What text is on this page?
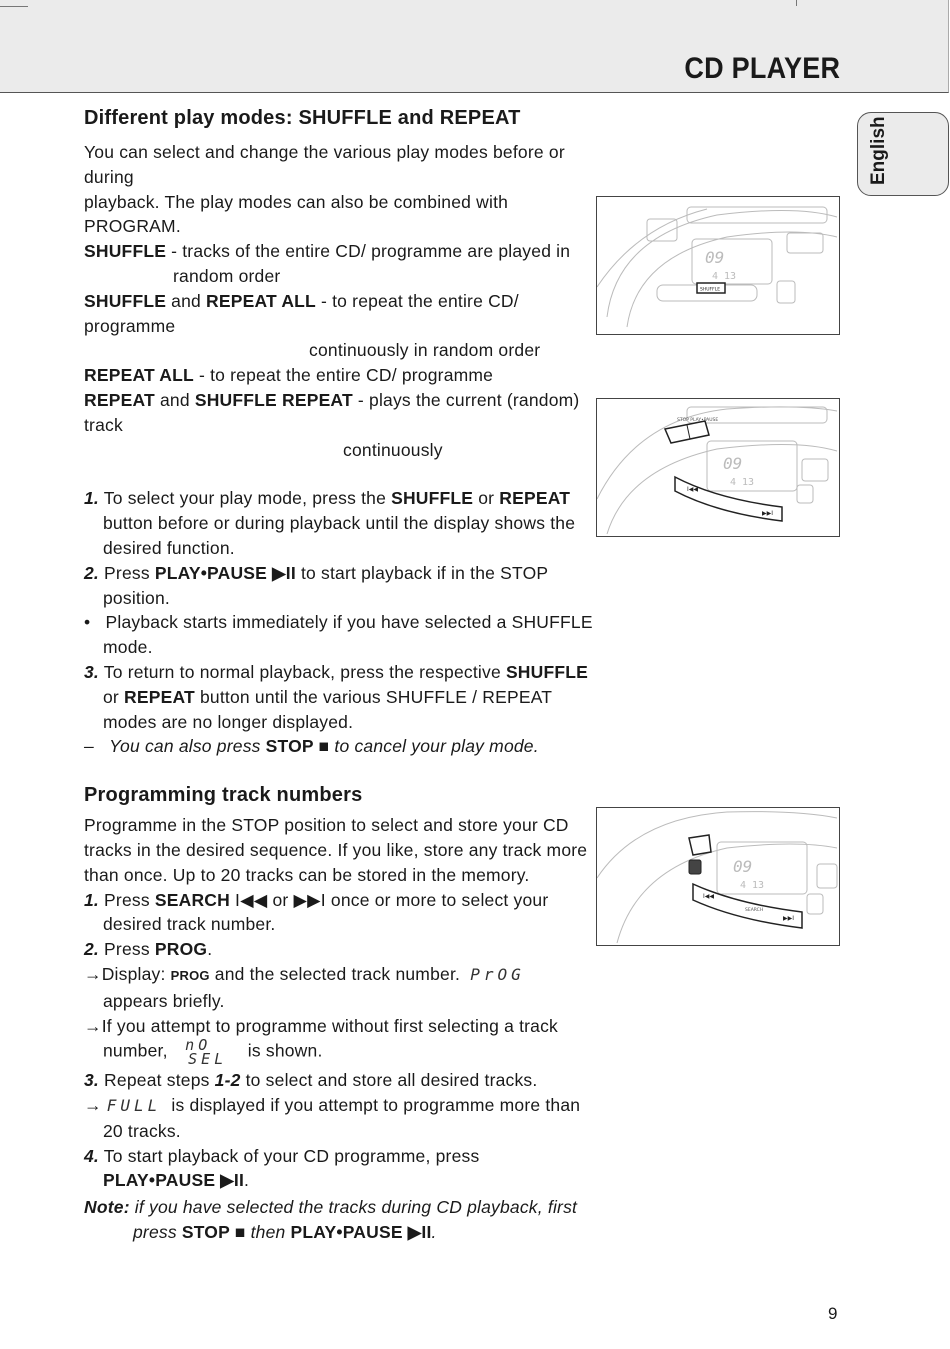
CD PLAYER
English
Different play modes: SHUFFLE and REPEAT

You can select and change the various play modes before or during
playback. The play modes can also be combined with PROGRAM.

SHUFFLE - tracks of the entire CD/ programme are played in

random order

SHUFFLE and REPEAT ALL - to repeat the entire CD/ programme

continuously in random order

REPEAT ALL - to repeat the entire CD/ programme

REPEAT and SHUFFLE REPEAT - plays the current (random) track

continuously

1. To select your play mode, press the SHUFFLE or REPEAT button before or during playback until the display shows the desired function.

2. Press PLAY•PAUSE ▶II to start playback if in the STOP position.

• Playback starts immediately if you have selected a SHUFFLE mode.

3. To return to normal playback, press the respective SHUFFLE or REPEAT button until the various SHUFFLE / REPEAT modes are no longer displayed.

– You can also press STOP ■ to cancel your play mode.

Programming track numbers

Programme in the STOP position to select and store your CD tracks in the desired sequence. If you like, store any track more than once. Up to 20 tracks can be stored in the memory.

1. Press SEARCH I◀◀ or ▶▶I once or more to select your desired track number.

2. Press PROG.

→Display: PROG and the selected track number.  PrOG  appears briefly.

→If you attempt to programme without first selecting a track number, nO
SEL is shown.

3. Repeat steps 1-2 to select and store all desired tracks.

→ FULL  is displayed if you attempt to programme more than 20 tracks.

4. To start playback of your CD programme, press PLAY•PAUSE ▶II.

Note: if you have selected the tracks during CD playback, first press STOP ■ then PLAY•PAUSE ▶II.

09
4 13
SHUFFLE
09
4 13
STOP PLAY•PAUSE
I◀◀
▶▶I
09
4 13
I◀◀
SEARCH
▶▶I
9
